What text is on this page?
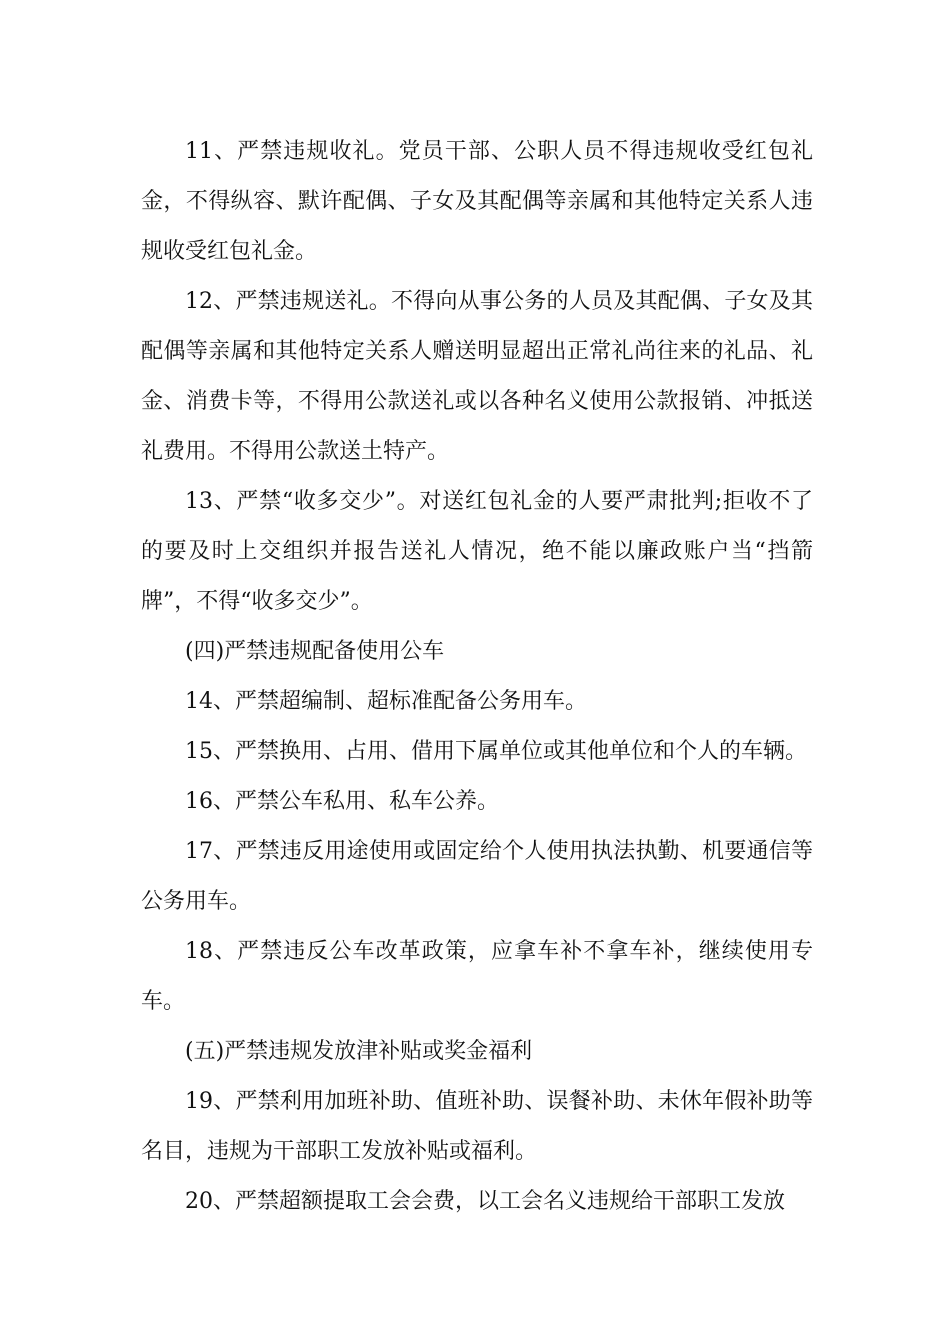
11、严禁违规收礼。党员干部、公职人员不得违规收受红包礼金，不得纵容、默许配偶、子女及其配偶等亲属和其他特定关系人违规收受红包礼金。

12、严禁违规送礼。不得向从事公务的人员及其配偶、子女及其配偶等亲属和其他特定关系人赠送明显超出正常礼尚往来的礼品、礼金、消费卡等，不得用公款送礼或以各种名义使用公款报销、冲抵送礼费用。不得用公款送土特产。

13、严禁“收多交少”。对送红包礼金的人要严肃批判;拒收不了的要及时上交组织并报告送礼人情况，绝不能以廉政账户当“挡箭牌”，不得“收多交少”。

(四)严禁违规配备使用公车

14、严禁超编制、超标准配备公务用车。

15、严禁换用、占用、借用下属单位或其他单位和个人的车辆。

16、严禁公车私用、私车公养。

17、严禁违反用途使用或固定给个人使用执法执勤、机要通信等公务用车。

18、严禁违反公车改革政策，应拿车补不拿车补，继续使用专车。

(五)严禁违规发放津补贴或奖金福利

19、严禁利用加班补助、值班补助、误餐补助、未休年假补助等名目，违规为干部职工发放补贴或福利。

20、严禁超额提取工会会费，以工会名义违规给干部职工发放
